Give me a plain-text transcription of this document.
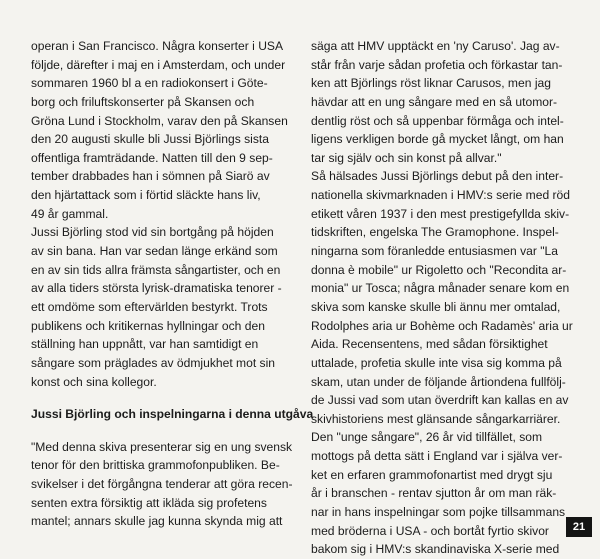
operan i San Francisco. Några konserter i USA
följde, därefter i maj en i Amsterdam, och under
sommaren 1960 bl a en radiokonsert i Göte-
borg och friluftskonserter på Skansen och
Gröna Lund i Stockholm, varav den på Skansen
den 20 augusti skulle bli Jussi Björlings sista
offentliga framträdande. Natten till den 9 sep-
tember drabbades han i sömnen på Siarö av
den hjärtattack som i förtid släckte hans liv,
49 år gammal.
Jussi Björling stod vid sin bortgång på höjden
av sin bana. Han var sedan länge erkänd som
en av sin tids allra främsta sångartister, och en
av alla tiders största lyrisk-dramatiska tenorer -
ett omdöme som eftervärlden bestyrkt. Trots
publikens och kritikernas hyllningar och den
ställning han uppnått, var han samtidigt en
sångare som präglades av ödmjukhet mot sin
konst och sina kollegor.
Jussi Björling och inspelningarna i denna utgåva
"Med denna skiva presenterar sig en ung svensk
tenor för den brittiska grammofonpubliken. Be-
svikelser i det förgångna tenderar att göra recen-
senten extra försiktig att ikläda sig profetens
mantel; annars skulle jag kunna skynda mig att
säga att HMV upptäckt en 'ny Caruso'. Jag av-
står från varje sådan profetia och förkastar tan-
ken att Björlings röst liknar Carusos, men jag
hävdar att en ung sångare med en så utomor-
dentlig röst och så uppenbar förmåga och intel-
ligens verkligen borde gå mycket långt, om han
tar sig själv och sin konst på allvar."
Så hälsades Jussi Björlings debut på den inter-
nationella skivmarknaden i HMV:s serie med röd
etikett våren 1937 i den mest prestigefyllda skiv-
tidskriften, engelska The Gramophone. Inspel-
ningarna som föranledde entusiasmen var "La
donna è mobile" ur Rigoletto och "Recondita ar-
monia" ur Tosca; några månader senare kom en
skiva som kanske skulle bli ännu mer omtalad,
Rodolphes aria ur Bohème och Radamès' aria ur
Aida. Recensentens, med sådan försiktighet
uttalade, profetia skulle inte visa sig komma på
skam, utan under de följande årtiondena fullfölj-
de Jussi vad som utan överdrift kan kallas en av
skivhistoriens mest glänsande sångarkarriärer.
Den "unge sångare", 26 år vid tillfället, som
mottogs på detta sätt i England var i själva ver-
ket en erfaren grammofonartist med drygt sju
år i branschen - rentav sjutton år om man räk-
nar in hans inspelningar som pojke tillsammans
med bröderna i USA - och bortåt fyrtio skivor
bakom sig i HMV:s skandinaviska X-serie med
21
